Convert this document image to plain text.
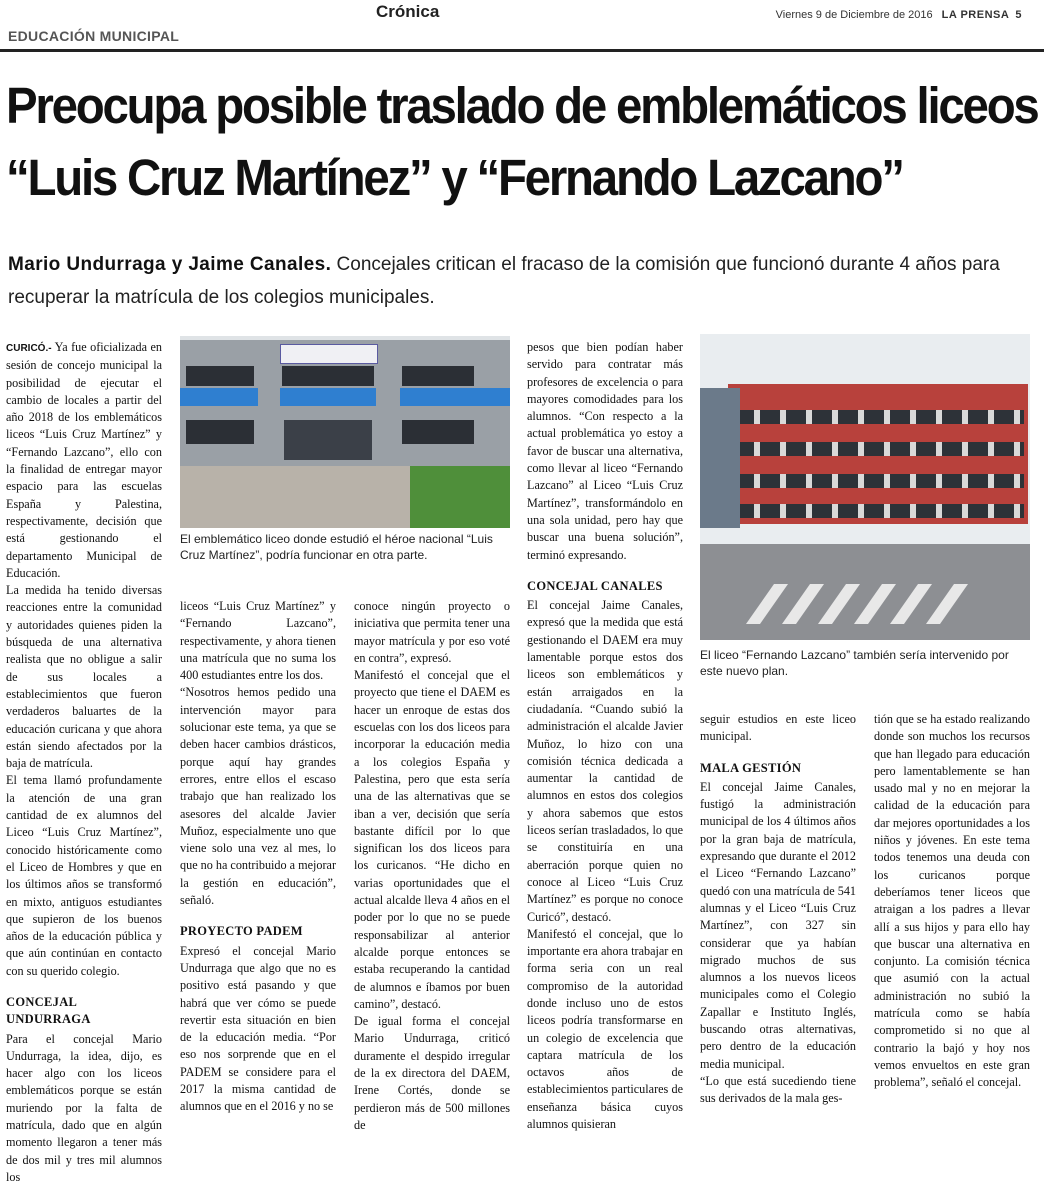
Crónica
EDUCACIÓN MUNICIPAL
Viernes 9 de Diciembre de 2016 LA PRENSA 5
Preocupa posible traslado de emblemáticos liceos
“Luis Cruz Martínez” y “Fernando Lazcano”
Mario Undurraga y Jaime Canales. Concejales critican el fracaso de la comisión que funcionó durante 4 años para recuperar la matrícula de los colegios municipales.
El emblemático liceo donde estudió el héroe nacional “Luis Cruz Martínez”, podría funcionar en otra parte.
El liceo “Fernando Lazcano” también sería intervenido por este nuevo plan.

CURICÓ.- Ya fue oficializada en sesión de concejo municipal la posibilidad de ejecutar el cambio de locales a partir del año 2018 de los emblemáticos liceos “Luis Cruz Martínez” y “Fernando Lazcano”, ello con la finalidad de entregar mayor espacio para las escuelas España y Palestina, respectivamente, decisión que está gestionando el departamento Municipal de Educación.

La medida ha tenido diversas reacciones entre la comunidad y autoridades quienes piden la búsqueda de una alternativa realista que no obligue a salir de sus locales a establecimientos que fueron verdaderos baluartes de la educación curicana y que ahora están siendo afectados por la baja de matrícula.

El tema llamó profundamente la atención de una gran cantidad de ex alumnos del Liceo “Luis Cruz Martínez”, conocido históricamente como el Liceo de Hombres y que en los últimos años se transformó en mixto, antiguos estudiantes que supieron de los buenos años de la educación pública y que aún continúan en contacto con su querido colegio.

CONCEJAL UNDURRAGA

Para el concejal Mario Undurraga, la idea, dijo, es hacer algo con los liceos emblemáticos porque se están muriendo por la falta de matrícula, dado que en algún momento llegaron a tener más de dos mil y tres mil alumnos los

liceos “Luis Cruz Martínez” y “Fernando Lazcano”, respectivamente, y ahora tienen una matrícula que no suma los 400 estudiantes entre los dos.

“Nosotros hemos pedido una intervención mayor para solucionar este tema, ya que se deben hacer cambios drásticos, porque aquí hay grandes errores, entre ellos el escaso trabajo que han realizado los asesores del alcalde Javier Muñoz, especialmente uno que viene solo una vez al mes, lo que no ha contribuido a mejorar la gestión en educación”, señaló.

PROYECTO PADEM

Expresó el concejal Mario Undurraga que algo que no es positivo está pasando y que habrá que ver cómo se puede revertir esta situación en bien de la educación media. “Por eso nos sorprende que en el PADEM se considere para el 2017 la misma cantidad de alumnos que en el 2016 y no se

conoce ningún proyecto o iniciativa que permita tener una mayor matrícula y por eso voté en contra”, expresó.

Manifestó el concejal que el proyecto que tiene el DAEM es hacer un enroque de estas dos escuelas con los dos liceos para incorporar la educación media a los colegios España y Palestina, pero que esta sería una de las alternativas que se iban a ver, decisión que sería bastante difícil por lo que significan los dos liceos para los curicanos. “He dicho en varias oportunidades que el actual alcalde lleva 4 años en el poder por lo que no se puede responsabilizar al anterior alcalde porque entonces se estaba recuperando la cantidad de alumnos e íbamos por buen camino”, destacó.

De igual forma el concejal Mario Undurraga, criticó duramente el despido irregular de la ex directora del DAEM, Irene Cortés, donde se perdieron más de 500 millones de

pesos que bien podían haber servido para contratar más profesores de excelencia o para mayores comodidades para los alumnos. “Con respecto a la actual problemática yo estoy a favor de buscar una alternativa, como llevar al liceo “Fernando Lazcano” al Liceo “Luis Cruz Martínez”, transformándolo en una sola unidad, pero hay que buscar una buena solución”, terminó expresando.

CONCEJAL CANALES

El concejal Jaime Canales, expresó que la medida que está gestionando el DAEM era muy lamentable porque estos dos liceos son emblemáticos y están arraigados en la ciudadanía. “Cuando subió la administración el alcalde Javier Muñoz, lo hizo con una comisión técnica dedicada a aumentar la cantidad de alumnos en estos dos colegios y ahora sabemos que estos liceos serían trasladados, lo que se constituiría en una aberración porque quien no conoce al Liceo “Luis Cruz Martínez” es porque no conoce Curicó”, destacó.

Manifestó el concejal, que lo importante era ahora trabajar en forma seria con un real compromiso de la autoridad donde incluso uno de estos liceos podría transformarse en un colegio de excelencia que captara matrícula de los octavos años de establecimientos particulares de enseñanza básica cuyos alumnos quisieran

seguir estudios en este liceo municipal.

MALA GESTIÓN

El concejal Jaime Canales, fustigó la administración municipal de los 4 últimos años por la gran baja de matrícula, expresando que durante el 2012 el Liceo “Fernando Lazcano” quedó con una matrícula de 541 alumnas y el Liceo “Luis Cruz Martínez”, con 327 sin considerar que ya habían migrado muchos de sus alumnos a los nuevos liceos municipales como el Colegio Zapallar e Instituto Inglés, buscando otras alternativas, pero dentro de la educación media municipal.

“Lo que está sucediendo tiene sus derivados de la mala ges-

tión que se ha estado realizando donde son muchos los recursos que han llegado para educación pero lamentablemente se han usado mal y no en mejorar la calidad de la educación para dar mejores oportunidades a los niños y jóvenes. En este tema todos tenemos una deuda con los curicanos porque deberíamos tener liceos que atraigan a los padres a llevar allí a sus hijos y para ello hay que buscar una alternativa en conjunto. La comisión técnica que asumió con la actual administración no subió la matrícula como se había comprometido si no que al contrario la bajó y hoy nos vemos envueltos en este gran problema”, señaló el concejal.
